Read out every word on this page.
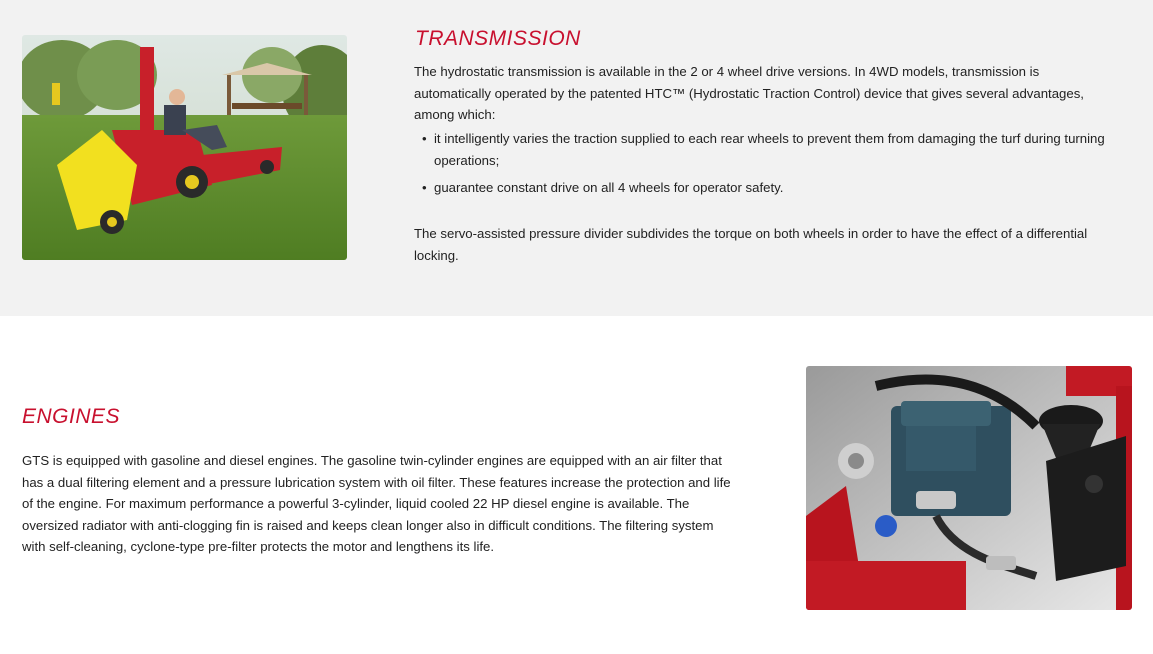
TRANSMISSION

The hydrostatic transmission is available in the 2 or 4 wheel drive versions. In 4WD models, transmission is automatically operated by the patented HTC™ (Hydrostatic Traction Control) device that gives several advantages, among which:

• it intelligently varies the traction supplied to each rear wheels to prevent them from damaging the turf during turning operations;
• guarantee constant drive on all 4 wheels for operator safety.

The servo-assisted pressure divider subdivides the torque on both wheels in order to have the effect of a differential locking.

ENGINES

GTS is equipped with gasoline and diesel engines. The gasoline twin-cylinder engines are equipped with an air filter that has a dual filtering element and a pressure lubrication system with oil filter. These features increase the protection and life of the engine. For maximum performance a powerful 3-cylinder, liquid cooled 22 HP diesel engine is available. The oversized radiator with anti-clogging fin is raised and keeps clean longer also in difficult conditions. The filtering system with self-cleaning, cyclone-type pre-filter protects the motor and lengthens its life.
